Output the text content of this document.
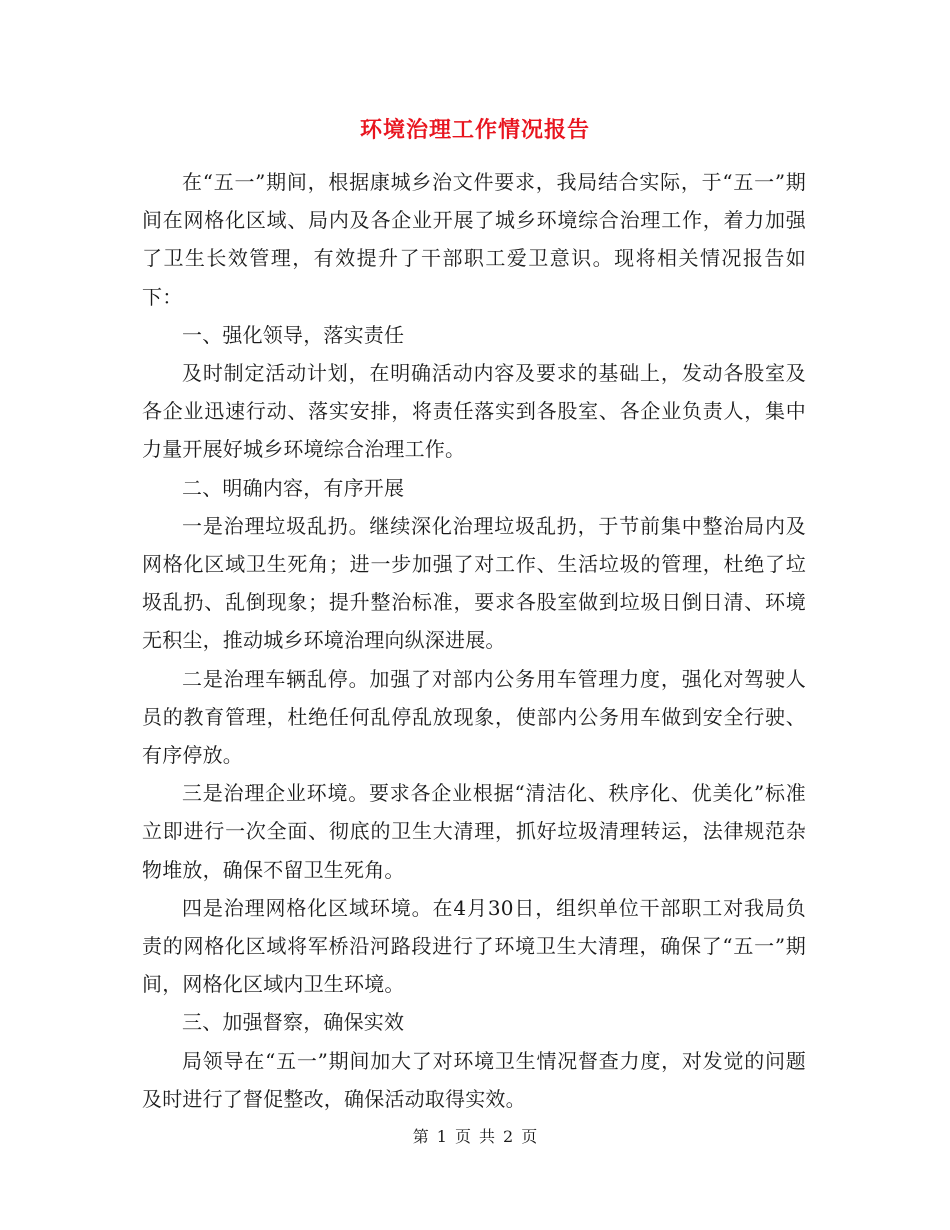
环境治理工作情况报告

在“五一”期间，根据康城乡治文件要求，我局结合实际，于“五一”期间在网格化区域、局内及各企业开展了城乡环境综合治理工作，着力加强了卫生长效管理，有效提升了干部职工爱卫意识。现将相关情况报告如下：

一、强化领导，落实责任

及时制定活动计划，在明确活动内容及要求的基础上，发动各股室及各企业迅速行动、落实安排，将责任落实到各股室、各企业负责人，集中力量开展好城乡环境综合治理工作。

二、明确内容，有序开展

一是治理垃圾乱扔。继续深化治理垃圾乱扔，于节前集中整治局内及网格化区域卫生死角；进一步加强了对工作、生活垃圾的管理，杜绝了垃圾乱扔、乱倒现象；提升整治标准，要求各股室做到垃圾日倒日清、环境无积尘，推动城乡环境治理向纵深进展。

二是治理车辆乱停。加强了对部内公务用车管理力度，强化对驾驶人员的教育管理，杜绝任何乱停乱放现象，使部内公务用车做到安全行驶、有序停放。

三是治理企业环境。要求各企业根据“清洁化、秩序化、优美化”标准立即进行一次全面、彻底的卫生大清理，抓好垃圾清理转运，法律规范杂物堆放，确保不留卫生死角。

四是治理网格化区域环境。在4月30日，组织单位干部职工对我局负责的网格化区域将军桥沿河路段进行了环境卫生大清理，确保了“五一”期间，网格化区域内卫生环境。

三、加强督察，确保实效

局领导在“五一”期间加大了对环境卫生情况督查力度，对发觉的问题及时进行了督促整改，确保活动取得实效。

第 1 页 共 2 页
